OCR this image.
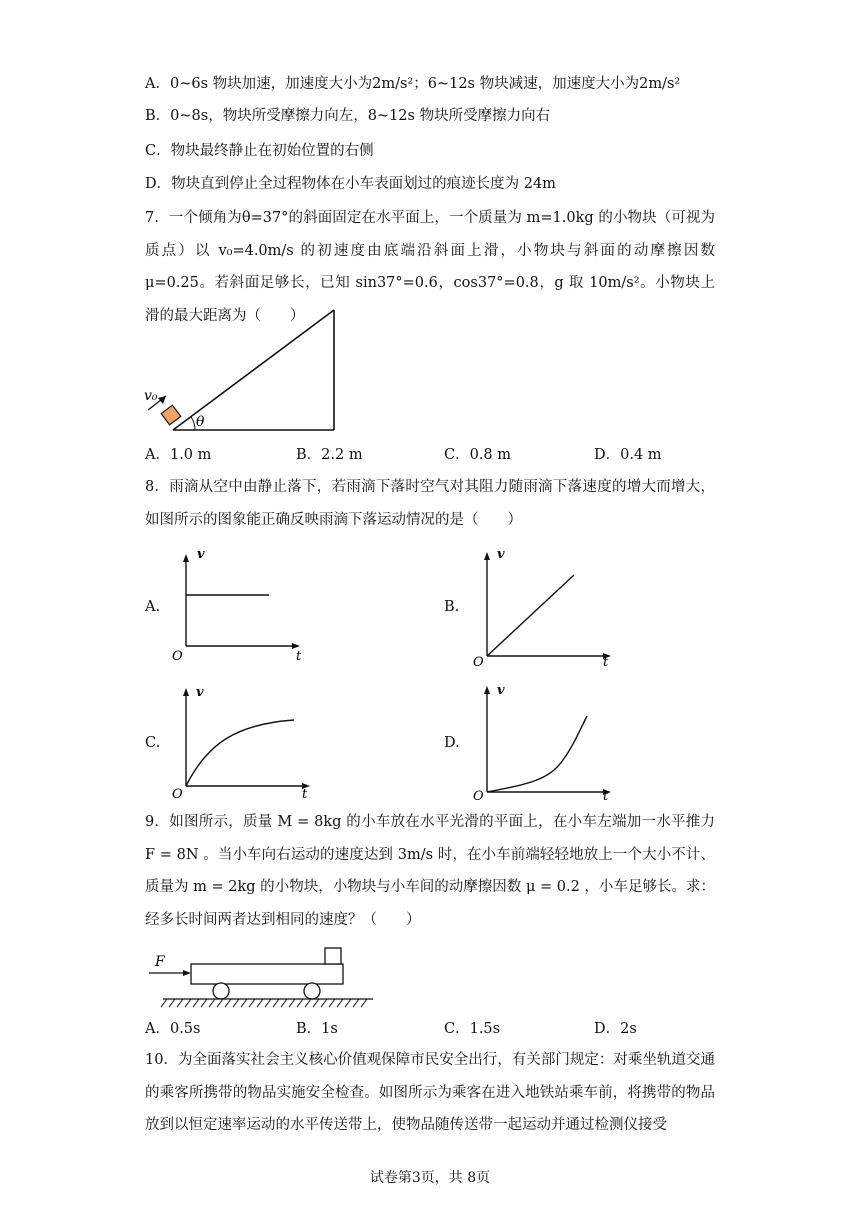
A．0~6s 物块加速，加速度大小为2m/s²；6~12s 物块减速，加速度大小为2m/s²
B．0~8s，物块所受摩擦力向左，8~12s 物块所受摩擦力向右
C．物块最终静止在初始位置的右侧
D．物块直到停止全过程物体在小车表面划过的痕迹长度为 24m
7．一个倾角为θ=37°的斜面固定在水平面上，一个质量为 m=1.0kg 的小物块（可视为质点）以 v₀=4.0m/s 的初速度由底端沿斜面上滑，小物块与斜面的动摩擦因数μ=0.25。若斜面足够长，已知 sin37°=0.6，cos37°=0.8，g 取 10m/s²。小物块上滑的最大距离为（　　）
v₀
θ
A．1.0 m	B．2.2 m	C．0.8 m	D．0.4 m
8．雨滴从空中由静止落下，若雨滴下落时空气对其阻力随雨滴下落速度的增大而增大，如图所示的图象能正确反映雨滴下落运动情况的是（　　）
A.	B.
C.	D.
v
t
O
v
t
O
v
t
O
v
t
O
9．如图所示，质量 M = 8kg 的小车放在水平光滑的平面上，在小车左端加一水平推力 F = 8N 。当小车向右运动的速度达到 3m/s 时，在小车前端轻轻地放上一个大小不计、质量为 m = 2kg 的小物块，小物块与小车间的动摩擦因数 μ = 0.2 ，小车足够长。求：经多长时间两者达到相同的速度？（　　）
F
A．0.5s	B．1s	C．1.5s	D．2s
10．为全面落实社会主义核心价值观保障市民安全出行，有关部门规定：对乘坐轨道交通的乘客所携带的物品实施安全检查。如图所示为乘客在进入地铁站乘车前，将携带的物品放到以恒定速率运动的水平传送带上，使物品随传送带一起运动并通过检测仪接受
试卷第3页，共 8页
